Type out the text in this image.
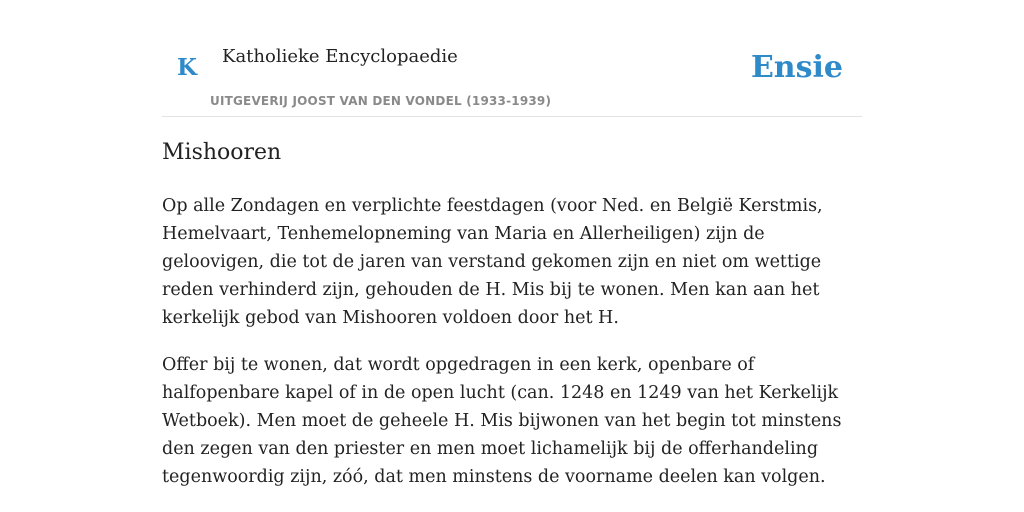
K Katholieke Encyclopaedie
UITGEVERIJ JOOST VAN DEN VONDEL (1933-1939)
Ensie
Mishooren

Op alle Zondagen en verplichte feestdagen (voor Ned. en België Kerstmis, Hemelvaart, Tenhemelopneming van Maria en Allerheiligen) zijn de geloovigen, die tot de jaren van verstand gekomen zijn en niet om wettige reden verhinderd zijn, gehouden de H. Mis bij te wonen. Men kan aan het kerkelijk gebod van Mishooren voldoen door het H.

Offer bij te wonen, dat wordt opgedragen in een kerk, openbare of halfopenbare kapel of in de open lucht (can. 1248 en 1249 van het Kerkelijk Wetboek). Men moet de geheele H. Mis bijwonen van het begin tot minstens den zegen van den priester en men moet lichamelijk bij de offerhandeling tegenwoordig zijn, zóó, dat men minstens de voorname deelen kan volgen.
